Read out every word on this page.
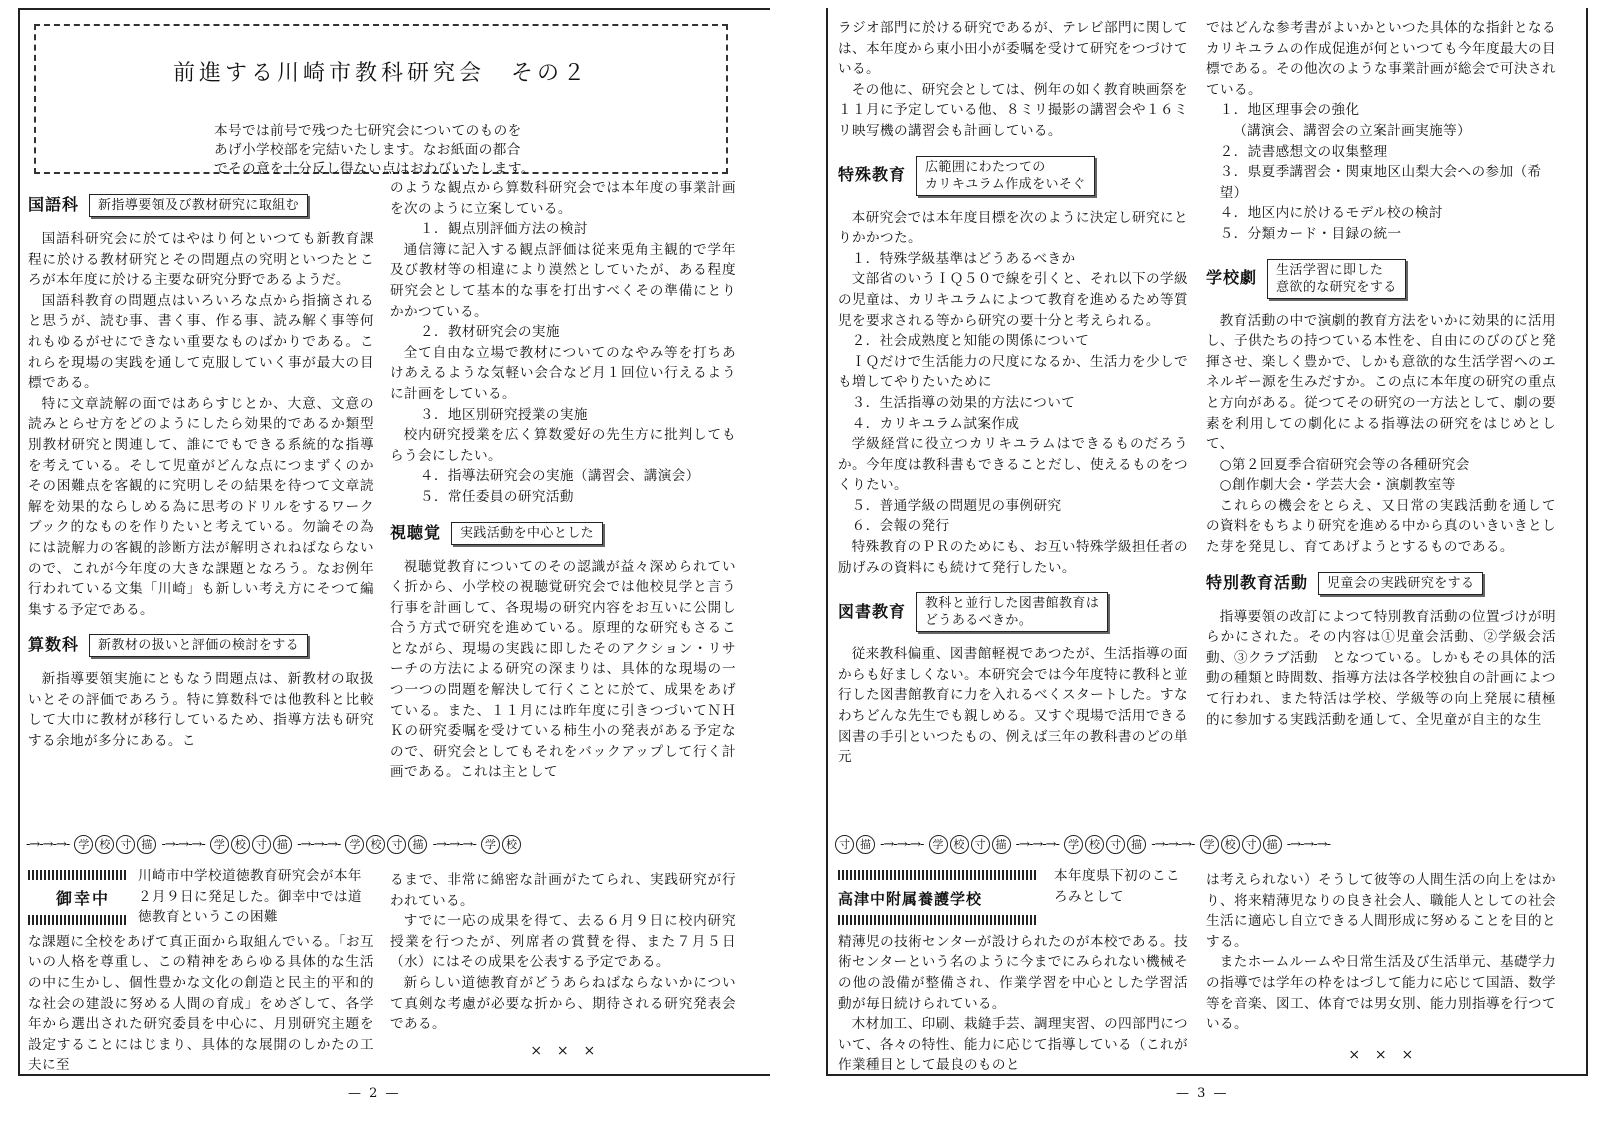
前進する川崎市教科研究会　その２
本号では前号で残つた七研究会についてのものを
あげ小学校部を完結いたします。なお紙面の都合
でその意を十分反し得ない点はおわびいたします。
国語科	新指導要領及び教材研究に取組む

国語科研究会に於てはやはり何といつても新教育課程に於ける教材研究とその問題点の究明といつたところが本年度に於ける主要な研究分野であるようだ。

国語科教育の問題点はいろいろな点から指摘されると思うが、読む事、書く事、作る事、読み解く事等何れもゆるがせにできない重要なものばかりである。これらを現場の実践を通して克服していく事が最大の目標である。

特に文章読解の面ではあらすじとか、大意、文意の読みとらせ方をどのようにしたら効果的であるか類型別教材研究と関連して、誰にでもできる系統的な指導を考えている。そして児童がどんな点につまずくのかその困難点を客観的に究明しその結果を待つて文章読解を効果的ならしめる為に思考のドリルをするワークブック的なものを作りたいと考えている。勿論その為には読解力の客観的診断方法が解明されねばならないので、これが今年度の大きな課題となろう。なお例年行われている文集「川崎」も新しい考え方にそつて編集する予定である。

算数科	新教材の扱いと評価の検討をする

新指導要領実施にともなう問題点は、新教材の取扱いとその評価であろう。特に算数科では他教科と比較して大巾に教材が移行しているため、指導方法も研究する余地が多分にある。こ

のような観点から算数科研究会では本年度の事業計画を次のように立案している。

１．観点別評価方法の検討

通信簿に記入する観点評価は従来兎角主観的で学年及び教材等の相違により漠然としていたが、ある程度研究会として基本的な事を打出すべくその準備にとりかかつている。

２．教材研究会の実施

全て自由な立場で教材についてのなやみ等を打ちあけあえるような気軽い会合など月１回位い行えるように計画をしている。

３．地区別研究授業の実施

校内研究授業を広く算数愛好の先生方に批判してもらう会にしたい。

４．指導法研究会の実施（講習会、講演会）
５．常任委員の研究活動
視聴覚	実践活動を中心とした

視聴覚教育についてのその認識が益々深められていく折から、小学校の視聴覚研究会では他校見学と言う行事を計画して、各現場の研究内容をお互いに公開し合う方式で研究を進めている。原理的な研究もさることながら、現場の実践に即したそのアクション・リサーチの方法による研究の深まりは、具体的な現場の一つ一つの問題を解決して行くことに於て、成果をあげている。また、１１月には昨年度に引きつづいてＮＨＫの研究委嘱を受けている柿生小の発表がある予定なので、研究会としてもそれをバックアップして行く計画である。これは主として

-→-→-→- 学 校 寸 描 -→-→-→- 学 校 寸 描 -→-→-→- 学 校 寸 描 -→-→-→- 学 校
御幸中
川崎市中学校道徳教育研究会が本年２月９日に発足した。御幸中では道徳教育というこの困難

な課題に全校をあげて真正面から取組んでいる。「お互いの人格を尊重し、この精神をあらゆる具体的な生活の中に生かし、個性豊かな文化の創造と民主的平和的な社会の建設に努める人間の育成」をめざして、各学年から選出された研究委員を中心に、月別研究主題を設定することにはじまり、具体的な展開のしかたの工夫に至

るまで、非常に綿密な計画がたてられ、実践研究が行われている。

すでに一応の成果を得て、去る６月９日に校内研究授業を行つたが、列席者の賞賛を得、また７月５日（水）にはその成果を公表する予定である。

新らしい道徳教育がどうあらねばならないかについて真剣な考慮が必要な折から、期待される研究発表会である。

×　×　×
— 2 —

ラジオ部門に於ける研究であるが、テレビ部門に関しては、本年度から東小田小が委嘱を受けて研究をつづけている。

その他に、研究会としては、例年の如く教育映画祭を１１月に予定している他、８ミリ撮影の講習会や１６ミリ映写機の講習会も計画している。

特殊教育	広範囲にわたつての
カリキユラム作成をいそぐ

本研究会では本年度目標を次のように決定し研究にとりかかつた。

１．特殊学級基準はどうあるべきか

文部省のいうＩＱ５０で線を引くと、それ以下の学級の児童は、カリキユラムによつて教育を進めるため等質児を要求される等から研究の要十分と考えられる。

２．社会成熟度と知能の関係について

ＩＱだけで生活能力の尺度になるか、生活力を少しでも増してやりたいために

３．生活指導の効果的方法について
４．カリキユラム試案作成

学級経営に役立つカリキユラムはできるものだろうか。今年度は教科書もできることだし、使えるものをつくりたい。

５．普通学級の問題児の事例研究
６．会報の発行

特殊教育のＰＲのためにも、お互い特殊学級担任者の励げみの資料にも続けて発行したい。

図書教育	教科と並行した図書館教育は
どうあるべきか。

従来教科偏重、図書館軽視であつたが、生活指導の面からも好ましくない。本研究会では今年度特に教科と並行した図書館教育に力を入れるべくスタートした。すなわちどんな先生でも親しめる。又すぐ現場で活用できる図書の手引といつたもの、例えば三年の教科書のどの単元

ではどんな参考書がよいかといつた具体的な指針となるカリキユラムの作成促進が何といつても今年度最大の目標である。その他次のような事業計画が総会で可決されている。

１．地区理事会の強化
（講演会、講習会の立案計画実施等）
２．読書感想文の収集整理
３．県夏季講習会・関東地区山梨大会への参加（希望）
４．地区内に於けるモデル校の検討
５．分類カード・目録の統一
学校劇	生活学習に即した
意欲的な研究をする

教育活動の中で演劇的教育方法をいかに効果的に活用し、子供たちの持つている本性を、自由にのびのびと発揮させ、楽しく豊かで、しかも意欲的な生活学習へのエネルギー源を生みだすか。この点に本年度の研究の重点と方向がある。従つてその研究の一方法として、劇の要素を利用しての劇化による指導法の研究をはじめとして、

○第２回夏季合宿研究会等の各種研究会
○創作劇大会・学芸大会・演劇教室等

これらの機会をとらえ、又日常の実践活動を通しての資料をもちより研究を進める中から真のいきいきとした芽を発見し、育てあげようとするものである。

特別教育活動	児童会の実践研究をする

指導要領の改訂によつて特別教育活動の位置づけが明らかにされた。その内容は①児童会活動、②学級会活動、③クラブ活動　となつている。しかもその具体的活動の種類と時間数、指導方法は各学校独自の計画によつて行われ、また特活は学校、学級等の向上発展に積極的に参加する実践活動を通して、全児童が自主的な生

寸 描 -→-→-→- 学 校 寸 描 -→-→-→- 学 校 寸 描 -→-→-→- 学 校 寸 描 -→-→-→-
高津中附属養護学校
本年度県下初のこころみとして

精薄児の技術センターが設けられたのが本校である。技術センターという名のように今までにみられない機械その他の設備が整備され、作業学習を中心とした学習活動が毎日続けられている。

木材加工、印刷、栽縫手芸、調理実習、の四部門について、各々の特性、能力に応じて指導している（これが作業種目として最良のものと

は考えられない）そうして彼等の人間生活の向上をはかり、将来精薄児なりの良き社会人、職能人としての社会生活に適応し自立できる人間形成に努めることを目的とする。

またホームルームや日常生活及び生活単元、基礎学力の指導では学年の枠をはづして能力に応じて国語、数学等を音楽、図工、体育では男女別、能力別指導を行つている。

×　×　×
— 3 —
